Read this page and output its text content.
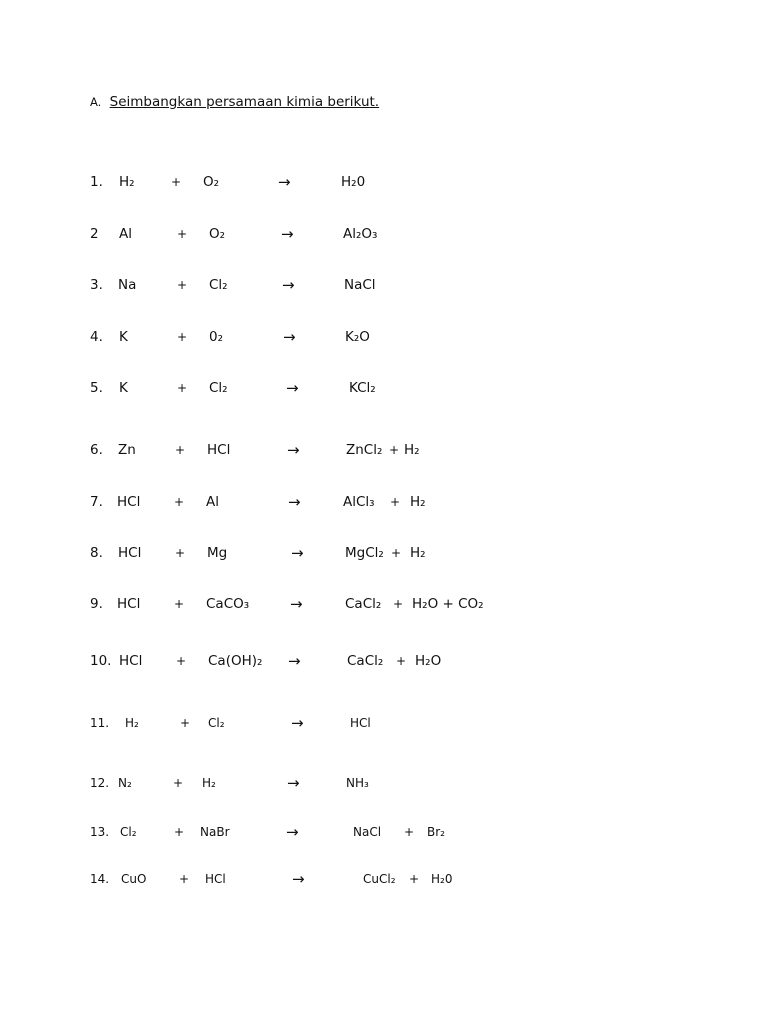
A. Seimbangkan persamaan kimia berikut.
1. H₂	+ O₂	→	H₂0
2 Al	+ O₂	→	Al₂O₃
3. Na	+ Cl₂	→	NaCl
4. K	+ 0₂	→	K₂O
5. K	+ Cl₂	→	KCl₂
6. Zn	+ HCl	→	ZnCl₂ + H₂
7. HCl	+ Al	→	AlCl₃ + H₂
8. HCl	+ Mg	→	MgCl₂ + H₂
9. HCl	+ CaCO₃	→	CaCl₂ + H₂O + CO₂
10. HCl	+ Ca(OH)₂ →	CaCl₂ + H₂O
11. H₂	+ Cl₂	→	HCl
12. N₂	+ H₂	→	NH₃
13. Cl₂	+ NaBr	→	NaCl + Br₂
14. CuO	+ HCl	→	CuCl₂ + H₂0
